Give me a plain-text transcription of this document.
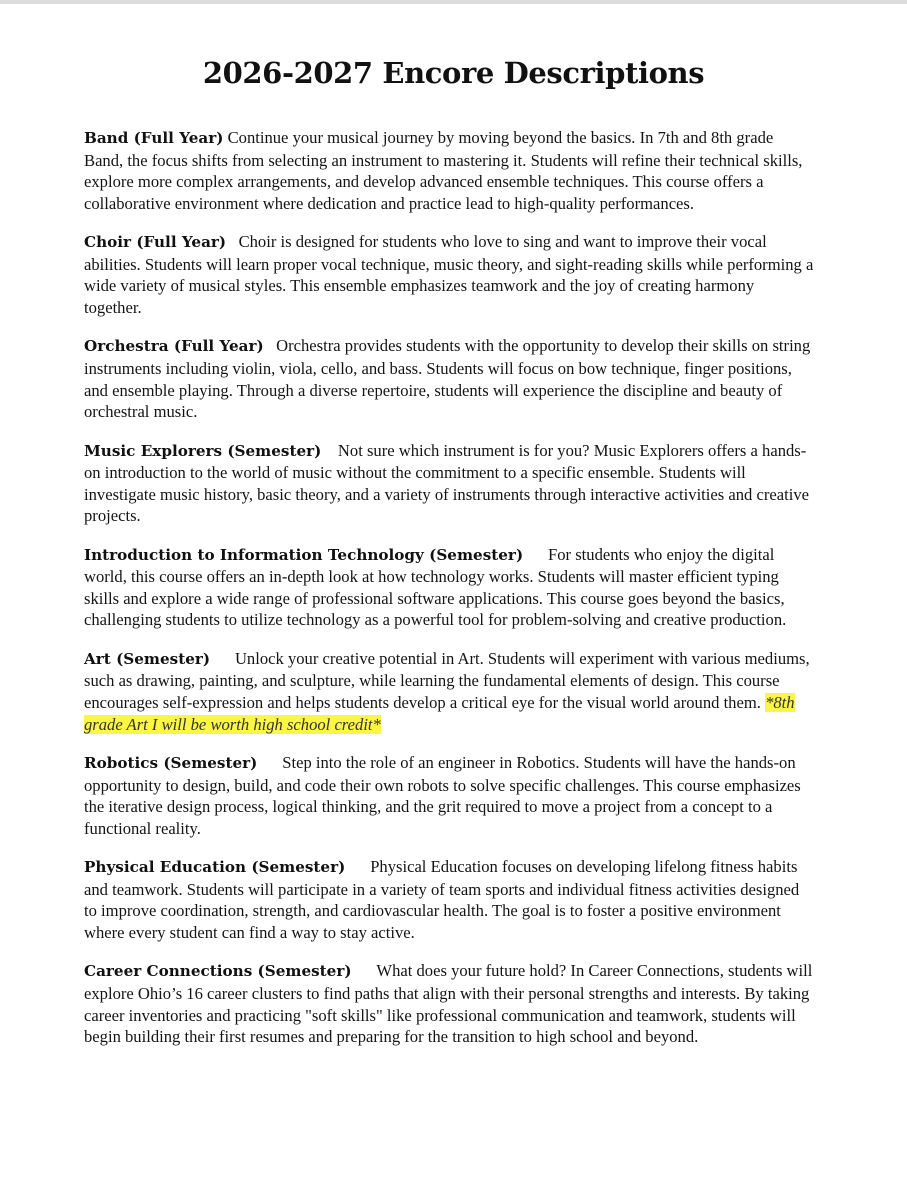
2026-2027 Encore Descriptions

Band (Full Year) Continue your musical journey by moving beyond the basics. In 7th and 8th grade Band, the focus shifts from selecting an instrument to mastering it. Students will refine their technical skills, explore more complex arrangements, and develop advanced ensemble techniques. This course offers a collaborative environment where dedication and practice lead to high-quality performances.

Choir (Full Year) Choir is designed for students who love to sing and want to improve their vocal abilities. Students will learn proper vocal technique, music theory, and sight-reading skills while performing a wide variety of musical styles. This ensemble emphasizes teamwork and the joy of creating harmony together.

Orchestra (Full Year) Orchestra provides students with the opportunity to develop their skills on string instruments including violin, viola, cello, and bass. Students will focus on bow technique, finger positions, and ensemble playing. Through a diverse repertoire, students will experience the discipline and beauty of orchestral music.

Music Explorers (Semester) Not sure which instrument is for you? Music Explorers offers a hands-on introduction to the world of music without the commitment to a specific ensemble. Students will investigate music history, basic theory, and a variety of instruments through interactive activities and creative projects.

Introduction to Information Technology (Semester) For students who enjoy the digital world, this course offers an in-depth look at how technology works. Students will master efficient typing skills and explore a wide range of professional software applications. This course goes beyond the basics, challenging students to utilize technology as a powerful tool for problem-solving and creative production.

Art (Semester) Unlock your creative potential in Art. Students will experiment with various mediums, such as drawing, painting, and sculpture, while learning the fundamental elements of design. This course encourages self-expression and helps students develop a critical eye for the visual world around them. *8th grade Art I will be worth high school credit*

Robotics (Semester) Step into the role of an engineer in Robotics. Students will have the hands-on opportunity to design, build, and code their own robots to solve specific challenges. This course emphasizes the iterative design process, logical thinking, and the grit required to move a project from a concept to a functional reality.

Physical Education (Semester) Physical Education focuses on developing lifelong fitness habits and teamwork. Students will participate in a variety of team sports and individual fitness activities designed to improve coordination, strength, and cardiovascular health. The goal is to foster a positive environment where every student can find a way to stay active.

Career Connections (Semester) What does your future hold? In Career Connections, students will explore Ohio’s 16 career clusters to find paths that align with their personal strengths and interests. By taking career inventories and practicing "soft skills" like professional communication and teamwork, students will begin building their first resumes and preparing for the transition to high school and beyond.
